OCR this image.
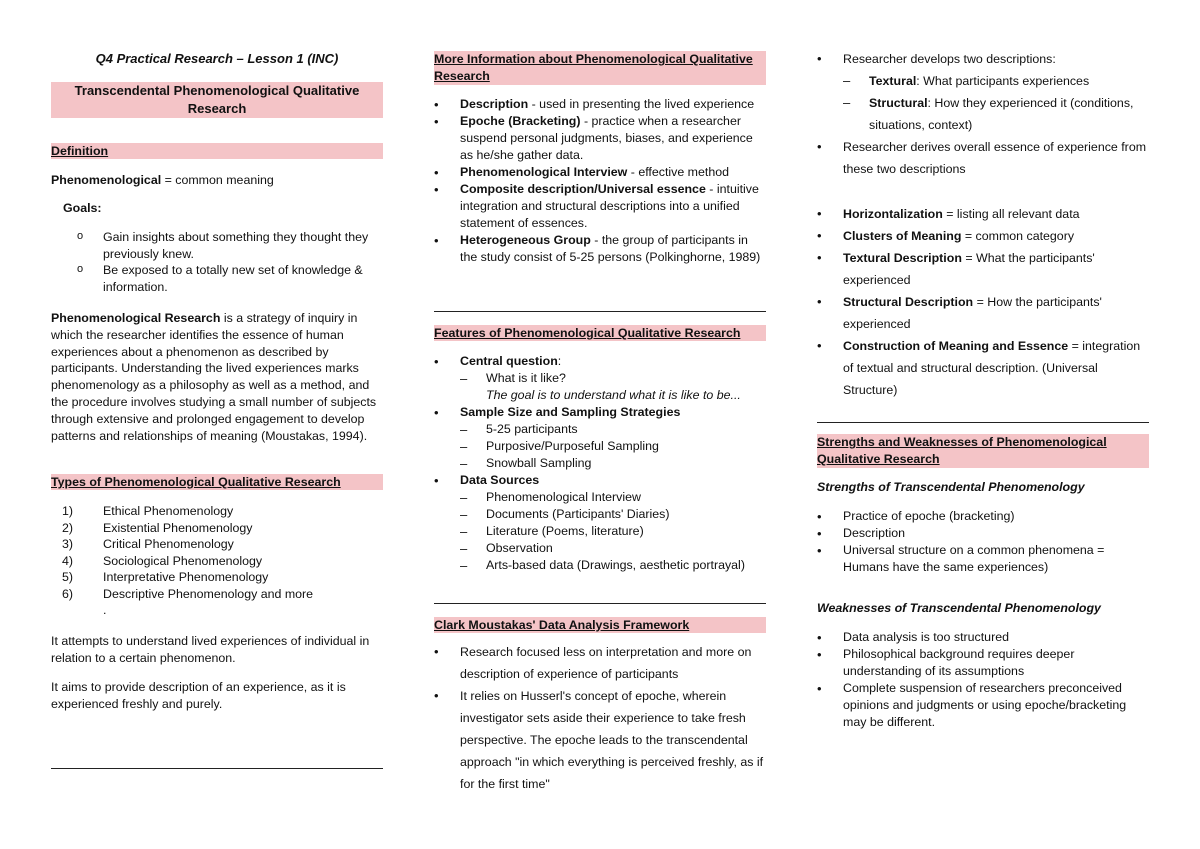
Q4 Practical Research – Lesson 1 (INC)
Transcendental Phenomenological Qualitative Research
Definition
Phenomenological = common meaning
Goals:
o Gain insights about something they thought they previously knew.
o Be exposed to a totally new set of knowledge & information.
Phenomenological Research is a strategy of inquiry in which the researcher identifies the essence of human experiences about a phenomenon as described by participants. Understanding the lived experiences marks phenomenology as a philosophy as well as a method, and the procedure involves studying a small number of subjects through extensive and prolonged engagement to develop patterns and relationships of meaning (Moustakas, 1994).
Types of Phenomenological Qualitative Research
1) Ethical Phenomenology
2) Existential Phenomenology
3) Critical Phenomenology
4) Sociological Phenomenology
5) Interpretative Phenomenology
6) Descriptive Phenomenology and more
.
It attempts to understand lived experiences of individual in relation to a certain phenomenon.
It aims to provide description of an experience, as it is experienced freshly and purely.
More Information about Phenomenological Qualitative Research
• Description - used in presenting the lived experience
• Epoche (Bracketing) - practice when a researcher suspend personal judgments, biases, and experience as he/she gather data.
• Phenomenological Interview - effective method
• Composite description/Universal essence - intuitive integration and structural descriptions into a unified statement of essences.
• Heterogeneous Group - the group of participants in the study consist of 5-25 persons (Polkinghorne, 1989)
Features of Phenomenological Qualitative Research
• Central question:
– What is it like?
The goal is to understand what it is like to be...
• Sample Size and Sampling Strategies
– 5-25 participants
– Purposive/Purposeful Sampling
– Snowball Sampling
• Data Sources
– Phenomenological Interview
– Documents (Participants' Diaries)
– Literature (Poems, literature)
– Observation
– Arts-based data (Drawings, aesthetic portrayal)
Clark Moustakas' Data Analysis Framework
• Research focused less on interpretation and more on description of experience of participants
• It relies on Husserl's concept of epoche, wherein investigator sets aside their experience to take fresh perspective. The epoche leads to the transcendental approach "in which everything is perceived freshly, as if for the first time"
• Researcher develops two descriptions:
– Textural: What participants experiences
– Structural: How they experienced it (conditions, situations, context)
• Researcher derives overall essence of experience from these two descriptions
• Horizontalization = listing all relevant data
• Clusters of Meaning = common category
• Textural Description = What the participants' experienced
• Structural Description = How the participants' experienced
• Construction of Meaning and Essence = integration of textual and structural description. (Universal Structure)
Strengths and Weaknesses of Phenomenological Qualitative Research
Strengths of Transcendental Phenomenology
• Practice of epoche (bracketing)
• Description
• Universal structure on a common phenomena = Humans have the same experiences)
Weaknesses of Transcendental Phenomenology
• Data analysis is too structured
• Philosophical background requires deeper understanding of its assumptions
• Complete suspension of researchers preconceived opinions and judgments or using epoche/bracketing may be different.
